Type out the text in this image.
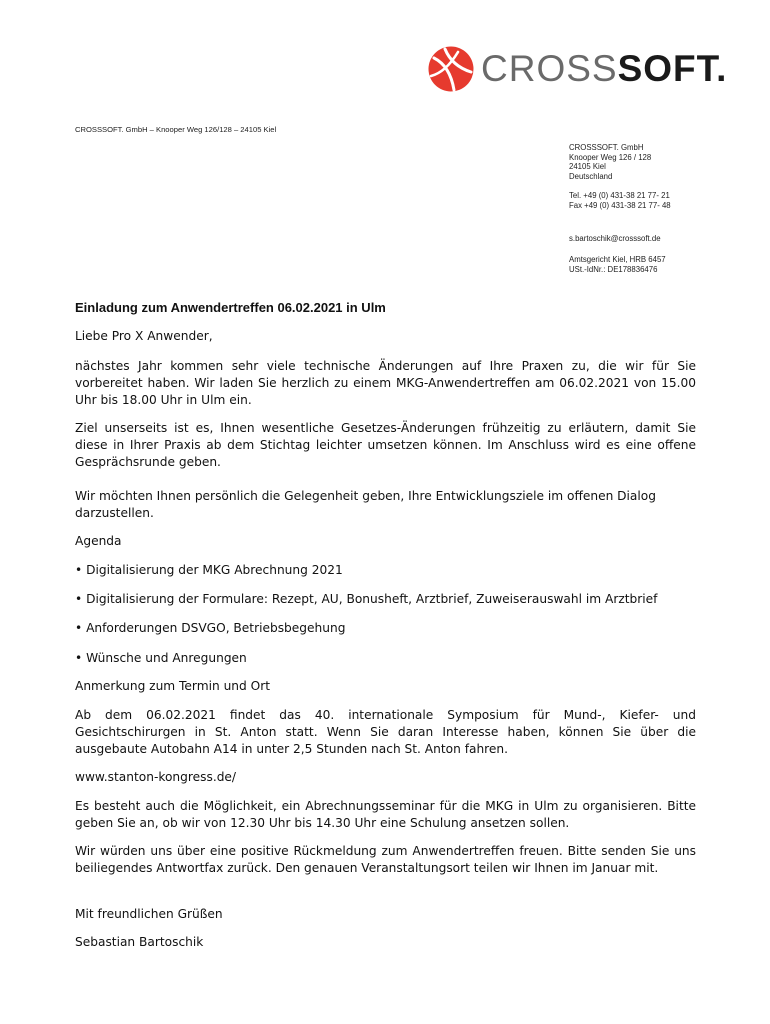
CROSSSOFT.
CROSSSOFT. GmbH – Knooper Weg 126/128 – 24105 Kiel
CROSSSOFT. GmbH
Knooper Weg 126 / 128
24105 Kiel
Deutschland
Tel. +49 (0) 431-38 21 77- 21
Fax +49 (0) 431-38 21 77- 48
s.bartoschik@crosssoft.de
Amtsgericht Kiel, HRB 6457
USt.-IdNr.: DE178836476
Einladung zum Anwendertreffen 06.02.2021 in Ulm
Liebe Pro X Anwender,
nächstes Jahr kommen sehr viele technische Änderungen auf Ihre Praxen zu, die wir für Sie vorbereitet haben. Wir laden Sie herzlich zu einem MKG-Anwendertreffen am 06.02.2021 von 15.00 Uhr bis 18.00 Uhr in Ulm ein.
Ziel unserseits ist es, Ihnen wesentliche Gesetzes-Änderungen frühzeitig zu erläutern, damit Sie diese in Ihrer Praxis ab dem Stichtag leichter umsetzen können. Im Anschluss wird es eine offene Gesprächsrunde geben.
Wir möchten Ihnen persönlich die Gelegenheit geben, Ihre Entwicklungsziele im offenen Dialog darzustellen.
Agenda
• Digitalisierung der MKG Abrechnung 2021
• Digitalisierung der Formulare: Rezept, AU, Bonusheft, Arztbrief, Zuweiserauswahl im Arztbrief
• Anforderungen DSVGO, Betriebsbegehung
• Wünsche und Anregungen
Anmerkung zum Termin und Ort
Ab dem 06.02.2021 findet das 40. internationale Symposium für Mund-, Kiefer- und Gesichtschirurgen in St. Anton statt. Wenn Sie daran Interesse haben, können Sie über die ausgebaute Autobahn A14 in unter 2,5 Stunden nach St. Anton fahren.
www.stanton-kongress.de/
Es besteht auch die Möglichkeit, ein Abrechnungsseminar für die MKG in Ulm zu organisieren. Bitte geben Sie an, ob wir von 12.30 Uhr bis 14.30 Uhr eine Schulung ansetzen sollen.
Wir würden uns über eine positive Rückmeldung zum Anwendertreffen freuen. Bitte senden Sie uns beiliegendes Antwortfax zurück. Den genauen Veranstaltungsort teilen wir Ihnen im Januar mit.
Mit freundlichen Grüßen
Sebastian Bartoschik
